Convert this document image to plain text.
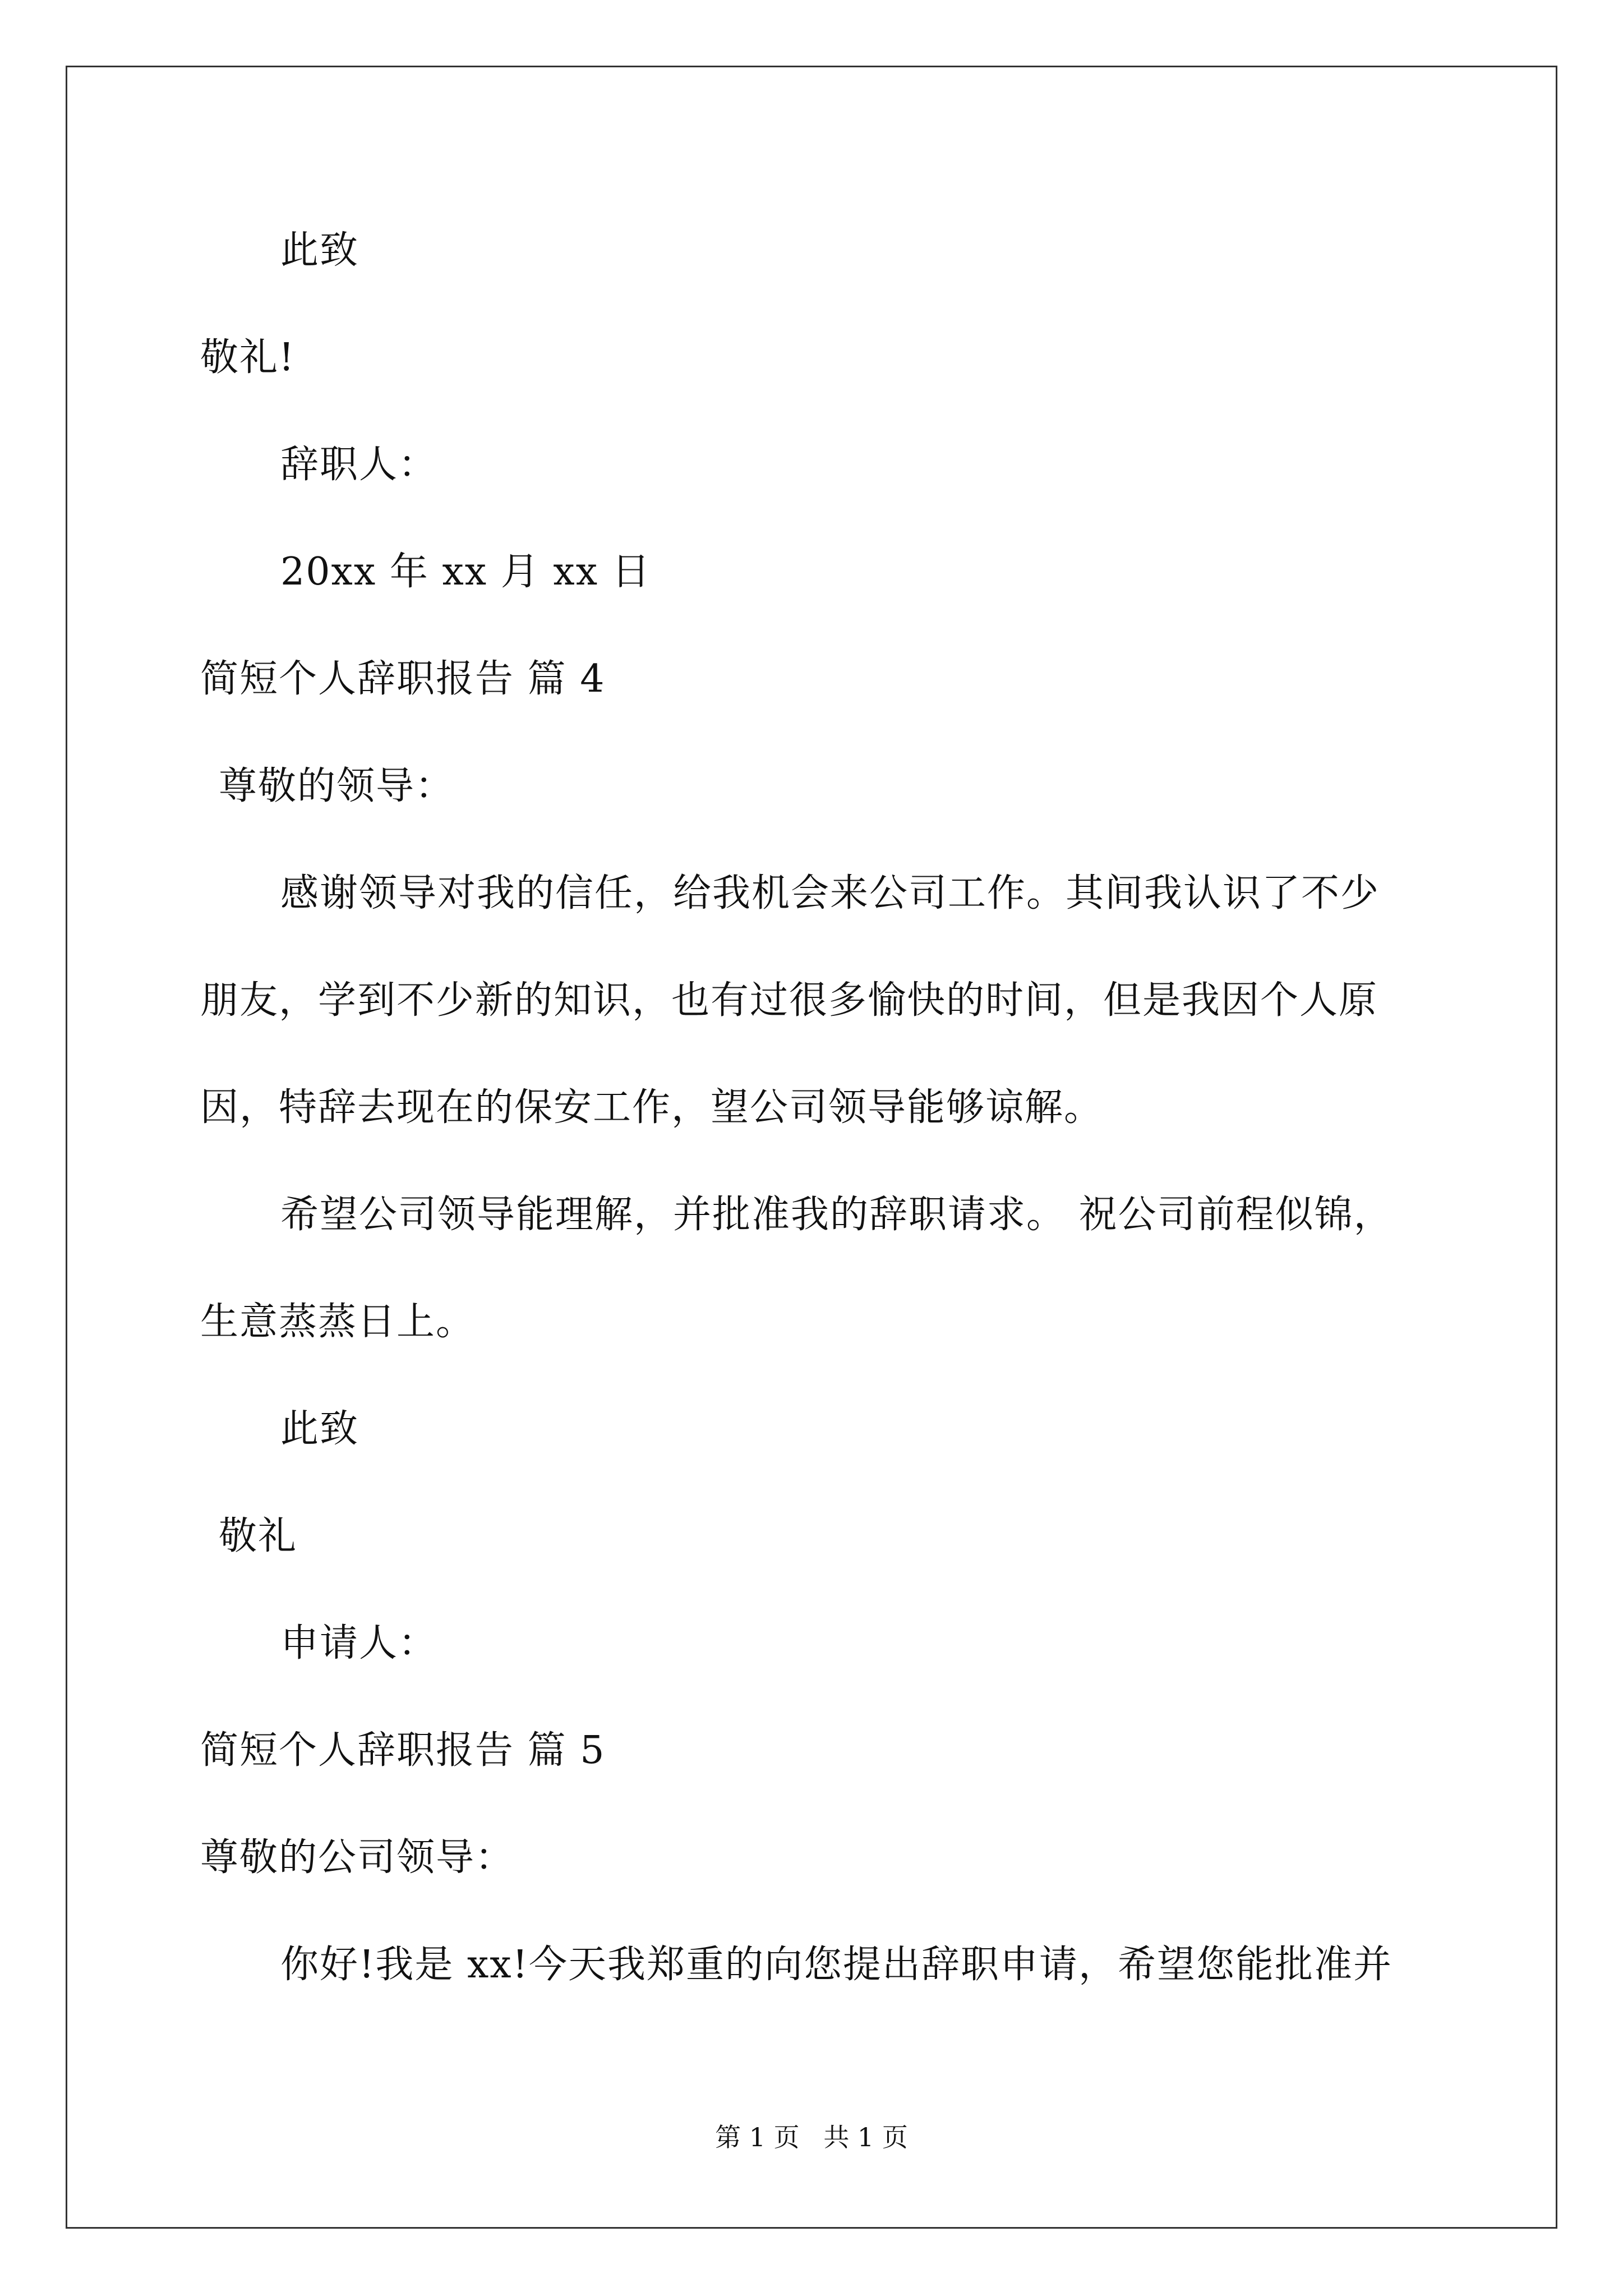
此致
敬礼!
辞职人：
20xx 年 xx 月 xx 日
简短个人辞职报告 篇 4
尊敬的领导：
感谢领导对我的信任，给我机会来公司工作。其间我认识了不少
朋友，学到不少新的知识，也有过很多愉快的时间，但是我因个人原
因，特辞去现在的保安工作，望公司领导能够谅解。
希望公司领导能理解，并批准我的辞职请求。 祝公司前程似锦，
生意蒸蒸日上。
此致
敬礼
申请人：
简短个人辞职报告 篇 5
尊敬的公司领导：
你好!我是 xx!今天我郑重的向您提出辞职申请，希望您能批准并
第 1 页 共 1 页
